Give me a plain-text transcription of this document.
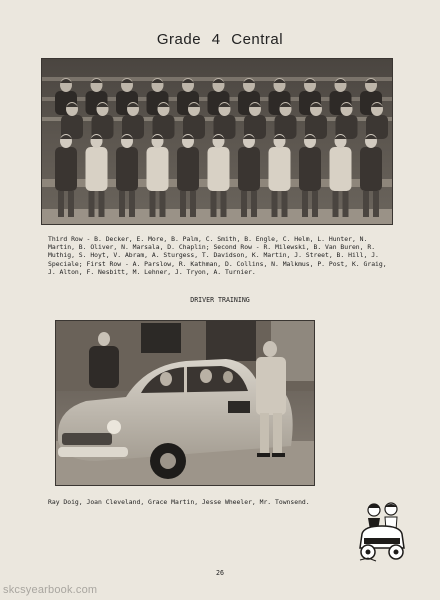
Grade 4 Central
Third Row - B. Decker, E. More, B. Palm, C. Smith, B. Engle, C. Helm, L. Hunter, N. Martin, B. Oliver, N. Marsala, D. Chaplin; Second Row - R. Milewski, B. Van Buren, R. Muthig, S. Hoyt, V. Abram, A. Sturgess, T. Davidson, K. Martin, J. Street, B. Hill, J. Speciale; First Row - A. Parslow, R. Kathman, D. Collins, N. Malkmus, P. Post, K. Graig, J. Alton, F. Nesbitt, M. Lehner, J. Tryon, A. Turnier.
DRIVER TRAINING
Ray Doig, Joan Cleveland, Grace Martin, Jesse Wheeler, Mr. Townsend.
26
skcsyearbook.com
